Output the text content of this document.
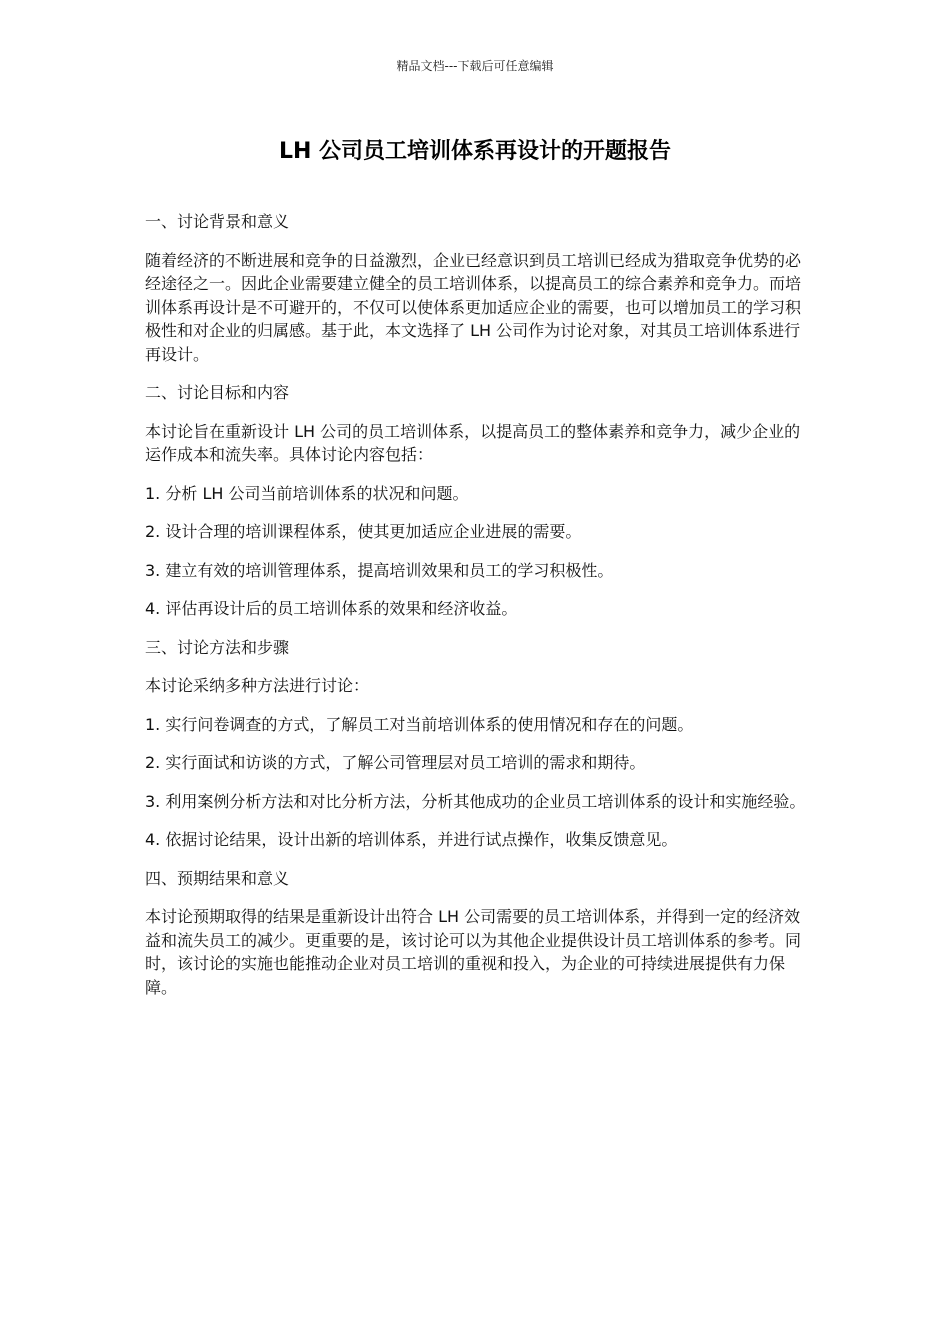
精品文档---下载后可任意编辑
LH 公司员工培训体系再设计的开题报告

一、讨论背景和意义

随着经济的不断进展和竞争的日益激烈，企业已经意识到员工培训已经成为猎取竞争优势的必经途径之一。因此企业需要建立健全的员工培训体系，以提高员工的综合素养和竞争力。而培训体系再设计是不可避开的，不仅可以使体系更加适应企业的需要，也可以增加员工的学习积极性和对企业的归属感。基于此，本文选择了 LH 公司作为讨论对象，对其员工培训体系进行再设计。

二、讨论目标和内容

本讨论旨在重新设计 LH 公司的员工培训体系，以提高员工的整体素养和竞争力，减少企业的运作成本和流失率。具体讨论内容包括：

1. 分析 LH 公司当前培训体系的状况和问题。

2. 设计合理的培训课程体系，使其更加适应企业进展的需要。

3. 建立有效的培训管理体系，提高培训效果和员工的学习积极性。

4. 评估再设计后的员工培训体系的效果和经济收益。

三、讨论方法和步骤

本讨论采纳多种方法进行讨论：

1. 实行问卷调查的方式，了解员工对当前培训体系的使用情况和存在的问题。

2. 实行面试和访谈的方式，了解公司管理层对员工培训的需求和期待。

3. 利用案例分析方法和对比分析方法，分析其他成功的企业员工培训体系的设计和实施经验。

4. 依据讨论结果，设计出新的培训体系，并进行试点操作，收集反馈意见。

四、预期结果和意义

本讨论预期取得的结果是重新设计出符合 LH 公司需要的员工培训体系，并得到一定的经济效益和流失员工的减少。更重要的是，该讨论可以为其他企业提供设计员工培训体系的参考。同时，该讨论的实施也能推动企业对员工培训的重视和投入，为企业的可持续进展提供有力保障。
